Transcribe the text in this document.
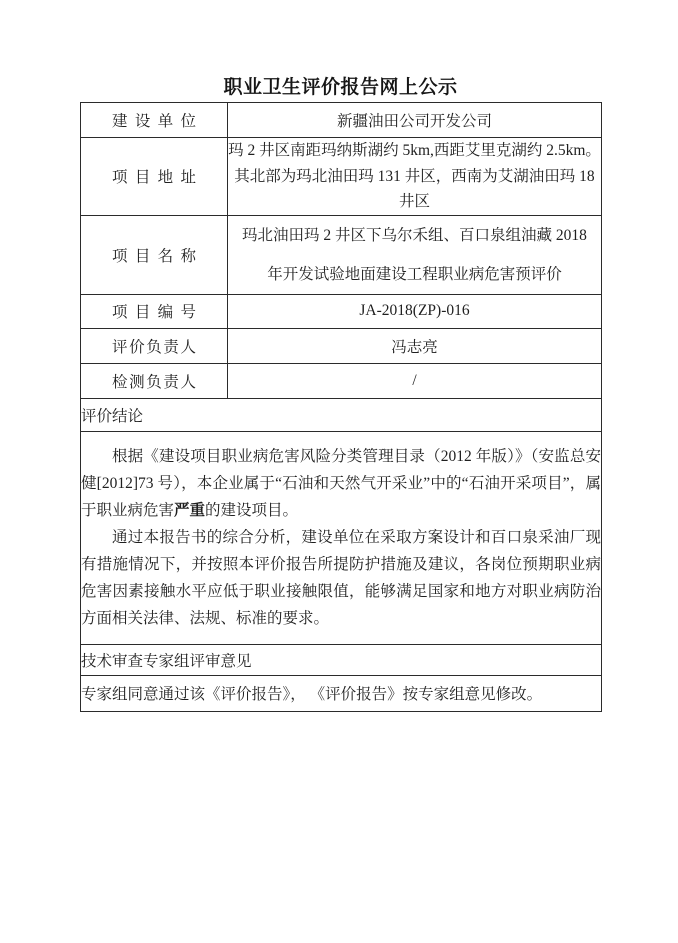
职业卫生评价报告网上公示
建设单位	新疆油田公司开发公司
项目地址	玛 2 井区南距玛纳斯湖约 5km,西距艾里克湖约 2.5km。
其北部为玛北油田玛 131 井区，西南为艾湖油田玛 18
井区

项目名称	玛北油田玛 2 井区下乌尔禾组、百口泉组油藏 2018
年开发试验地面建设工程职业病危害预评价

项目编号	JA-2018(ZP)-016
评价负责人	冯志亮
检测负责人	/
评价结论	

根据《建设项目职业病危害风险分类管理目录（2012 年版）》（安监总安健[2012]73 号），本企业属于“石油和天然气开采业”中的“石油开采项目”，属于职业病危害严重的建设项目。

通过本报告书的综合分析，建设单位在采取方案设计和百口泉采油厂现有措施情况下，并按照本评价报告所提防护措施及建议，各岗位预期职业病危害因素接触水平应低于职业接触限值，能够满足国家和地方对职业病防治方面相关法律、法规、标准的要求。	

技术审查专家组评审意见	
专家组同意通过该《评价报告》， 《评价报告》按专家组意见修改。	
